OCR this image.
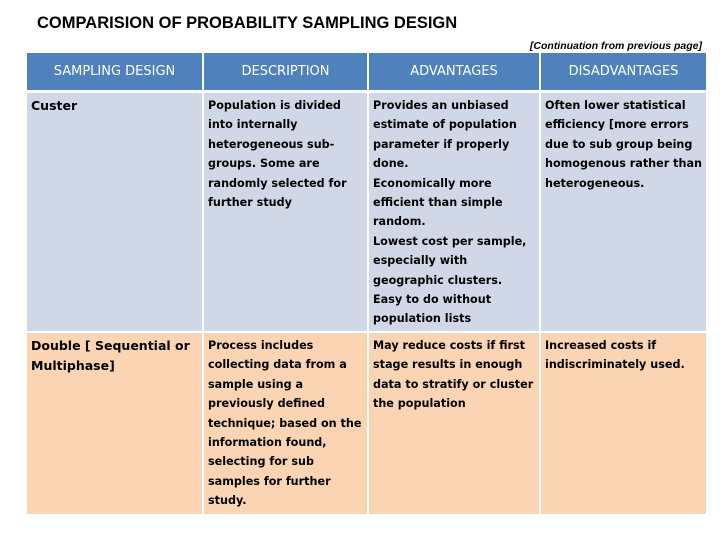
COMPARISION OF PROBABILITY SAMPLING DESIGN
[Continuation from previous page]
SAMPLING DESIGN	DESCRIPTION	ADVANTAGES	DISADVANTAGES
Custer	Population is divided into internally heterogeneous sub-groups. Some are randomly selected for further study	Provides an unbiased estimate of population parameter if properly done.
Economically more efficient than simple random.
Lowest cost per sample, especially with geographic clusters.
Easy to do without population lists	Often lower statistical efficiency [more errors due to sub group being homogenous rather than heterogeneous.
Double [ Sequential or Multiphase]	Process includes collecting data from a sample using a previously defined technique; based on the information found, selecting for sub samples for further study.	May reduce costs if first stage results in enough data to stratify or cluster the population	Increased costs if indiscriminately used.
